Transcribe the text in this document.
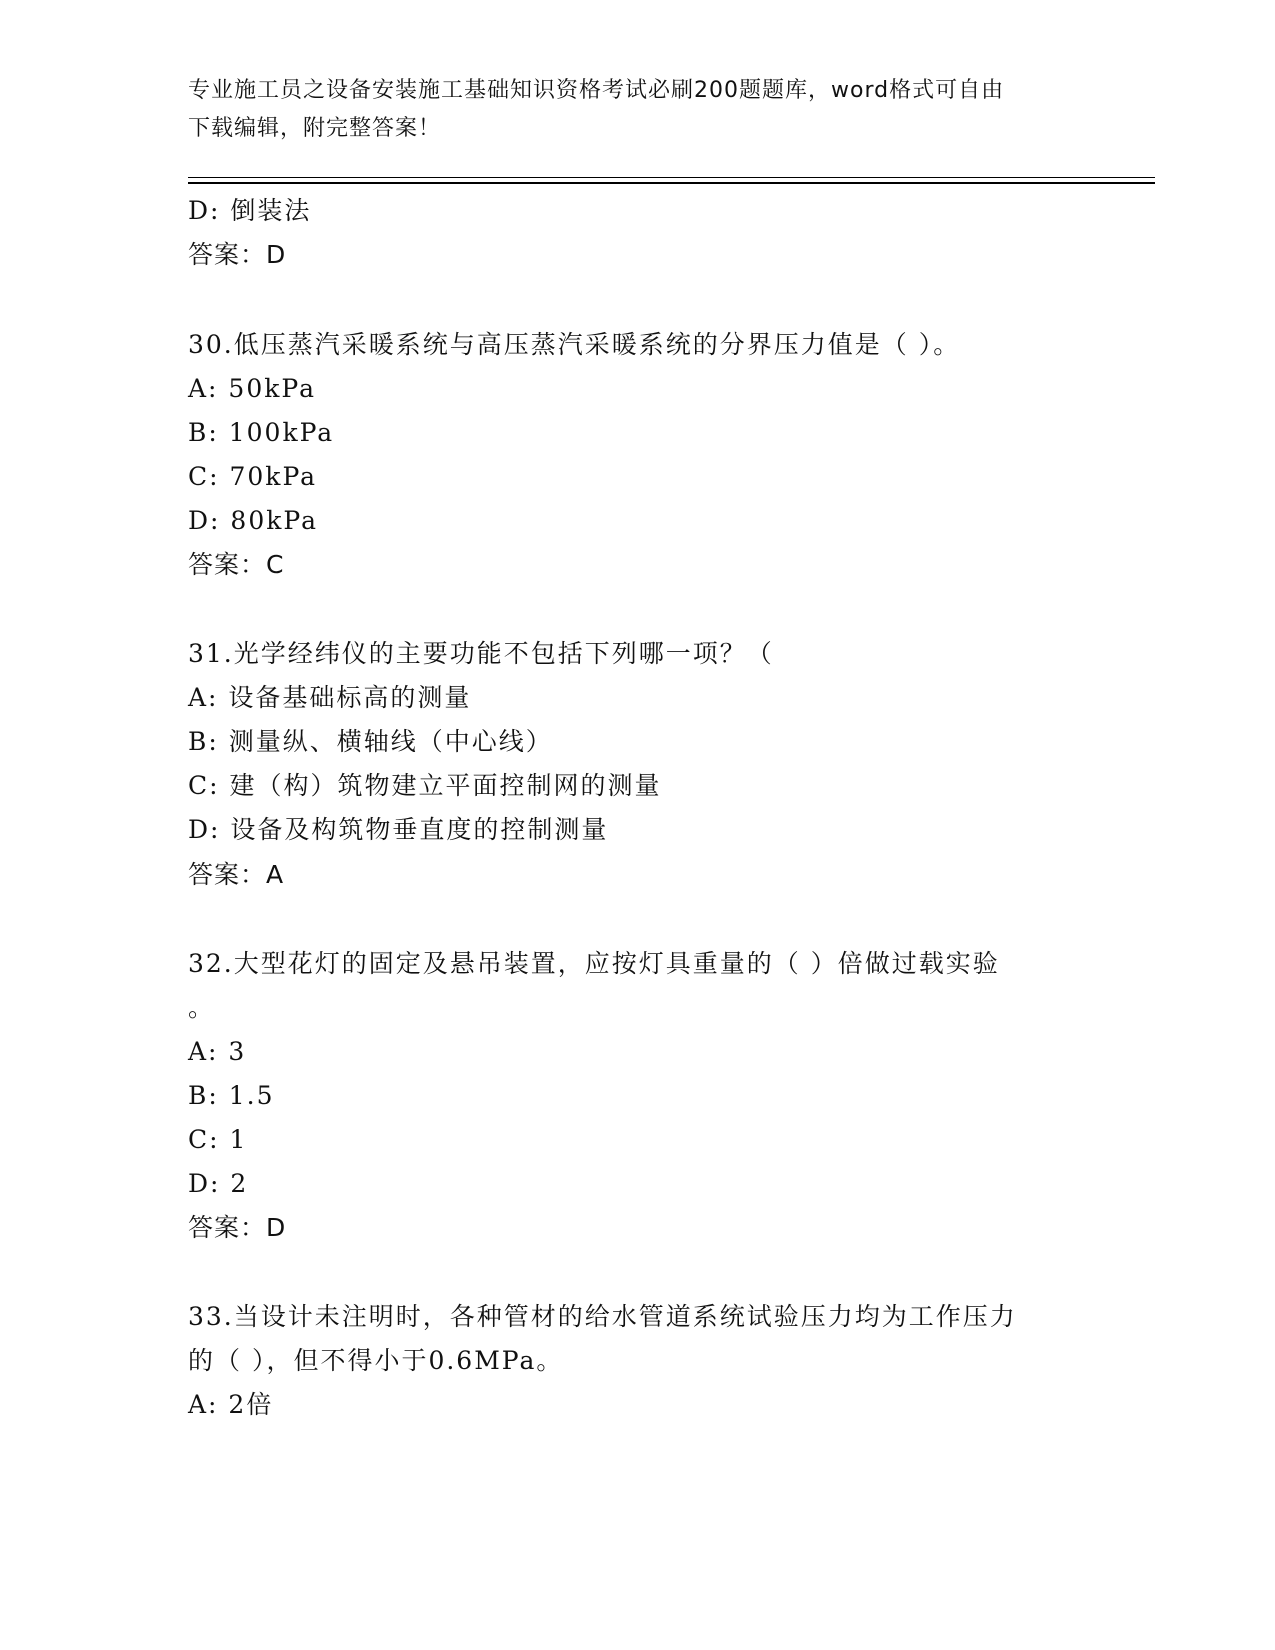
专业施工员之设备安装施工基础知识资格考试必刷200题题库，word格式可自由
下载编辑，附完整答案！
D: 倒装法
答案：D
30.低压蒸汽采暖系统与高压蒸汽采暖系统的分界压力值是（ ）。
A: 50kPa
B: 100kPa
C: 70kPa
D: 80kPa
答案：C
31.光学经纬仪的主要功能不包括下列哪一项？（
A: 设备基础标高的测量
B: 测量纵、横轴线（中心线）
C: 建（构）筑物建立平面控制网的测量
D: 设备及构筑物垂直度的控制测量
答案：A
32.大型花灯的固定及悬吊装置，应按灯具重量的（ ）倍做过载实验
。
A: 3
B: 1.5
C: 1
D: 2
答案：D
33.当设计未注明时，各种管材的给水管道系统试验压力均为工作压力
的（ ），但不得小于0.6MPa。
A: 2倍
